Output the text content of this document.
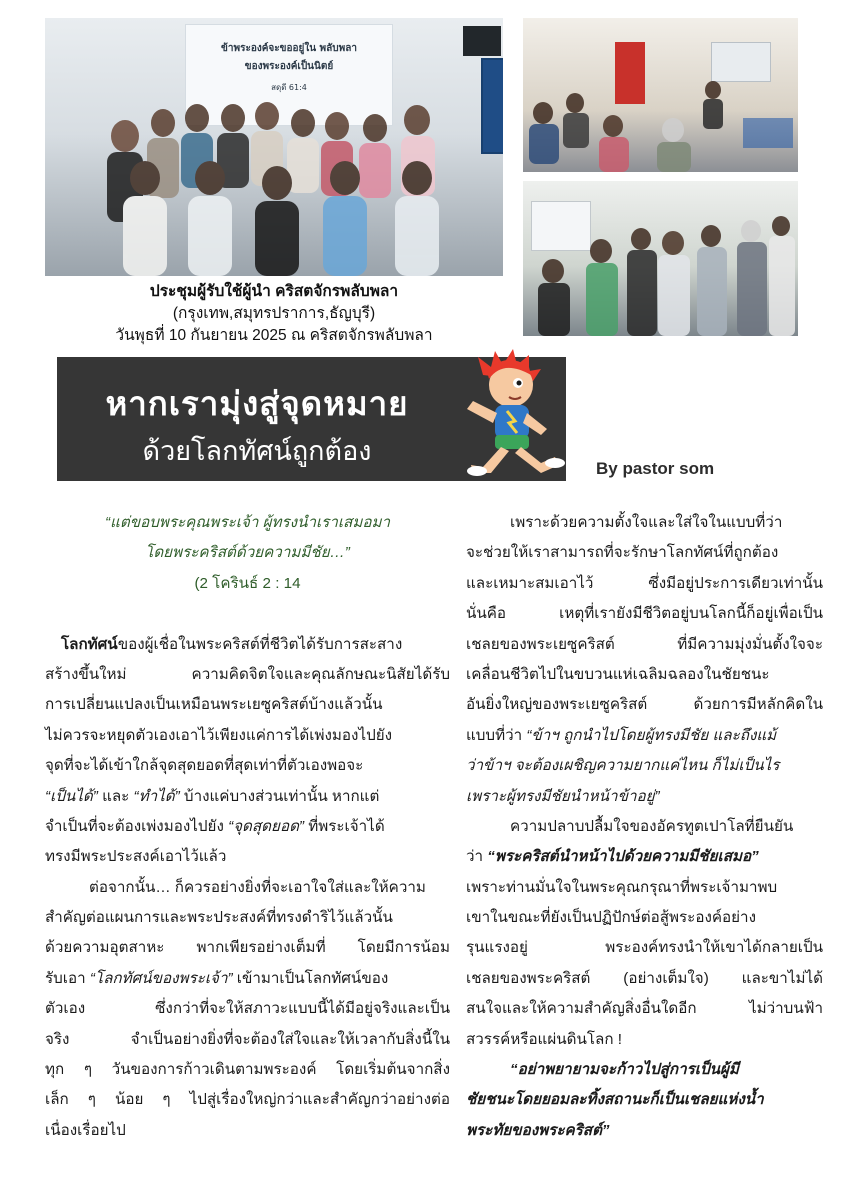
ข้าพระองค์จะขออยู่ใน พลับพลา
ของพระองค์เป็นนิตย์
สดุดี 61:4
ประชุมผู้รับใช้ผู้นำ คริสตจักรพลับพลา
(กรุงเทพ,สมุทรปราการ,ธัญบุรี)
วันพุธที่ 10 กันยายน 2025 ณ คริสตจักรพลับพลา
หากเรามุ่งสู่จุดหมาย
ด้วยโลกทัศน์ถูกต้อง
By pastor som
“แต่ขอบพระคุณพระเจ้า ผู้ทรงนำเราเสมอมา
โดยพระคริสต์ด้วยความมีชัย…”
(2 โครินธ์ 2 : 14
โลกทัศน์ของผู้เชื่อในพระคริสต์ที่ชีวิตได้รับการสะสาง
สร้างขึ้นใหม่ ความคิดจิตใจและคุณลักษณะนิสัยได้รับ
การเปลี่ยนแปลงเป็นเหมือนพระเยซูคริสต์บ้างแล้วนั้น
ไม่ควรจะหยุดตัวเองเอาไว้เพียงแค่การได้เพ่งมองไปยัง
จุดที่จะได้เข้าใกล้จุดสุดยอดที่สุดเท่าที่ตัวเองพอจะ
“เป็นได้” และ “ทำได้” บ้างแค่บางส่วนเท่านั้น หากแต่
จำเป็นที่จะต้องเพ่งมองไปยัง “จุดสุดยอด” ที่พระเจ้าได้
ทรงมีพระประสงค์เอาไว้แล้ว
ต่อจากนั้น… ก็ควรอย่างยิ่งที่จะเอาใจใส่และให้ความ
สำคัญต่อแผนการและพระประสงค์ที่ทรงดำริไว้แล้วนั้น
ด้วยความอุตสาหะ พากเพียรอย่างเต็มที่ โดยมีการน้อม
รับเอา “โลกทัศน์ของพระเจ้า” เข้ามาเป็นโลกทัศน์ของ
ตัวเอง ซึ่งกว่าที่จะให้สภาวะแบบนี้ได้มีอยู่จริงและเป็น
จริง จำเป็นอย่างยิ่งที่จะต้องใส่ใจและให้เวลากับสิ่งนี้ใน
ทุก ๆ วันของการก้าวเดินตามพระองค์ โดยเริ่มต้นจากสิ่ง
เล็ก ๆ น้อย ๆ ไปสู่เรื่องใหญ่กว่าและสำคัญกว่าอย่างต่อ
เนื่องเรื่อยไป
เพราะด้วยความตั้งใจและใส่ใจในแบบที่ว่า
จะช่วยให้เราสามารถที่จะรักษาโลกทัศน์ที่ถูกต้อง
และเหมาะสมเอาไว้ ซึ่งมีอยู่ประการเดียวเท่านั้น
นั่นคือ เหตุที่เรายังมีชีวิตอยู่บนโลกนี้ก็อยู่เพื่อเป็น
เชลยของพระเยซูคริสต์ ที่มีความมุ่งมั่นตั้งใจจะ
เคลื่อนชีวิตไปในขบวนแห่เฉลิมฉลองในชัยชนะ
อันยิ่งใหญ่ของพระเยซูคริสต์ ด้วยการมีหลักคิดใน
แบบที่ว่า “ข้าฯ ถูกนำไปโดยผู้ทรงมีชัย และถึงแม้
ว่าข้าฯ จะต้องเผชิญความยากแค่ไหน ก็ไม่เป็นไร
เพราะผู้ทรงมีชัยนำหน้าข้าอยู่”
ความปลาบปลื้มใจของอัครทูตเปาโลที่ยืนยัน
ว่า “พระคริสต์นำหน้าไปด้วยความมีชัยเสมอ”
เพราะท่านมั่นใจในพระคุณกรุณาที่พระเจ้ามาพบ
เขาในขณะที่ยังเป็นปฏิปักษ์ต่อสู้พระองค์อย่าง
รุนแรงอยู่ พระองค์ทรงนำให้เขาได้กลายเป็น
เชลยของพระคริสต์ (อย่างเต็มใจ) และขาไม่ได้
สนใจและให้ความสำคัญสิ่งอื่นใดอีก ไม่ว่าบนฟ้า
สวรรค์หรือแผ่นดินโลก !
“อย่าพยายามจะก้าวไปสู่การเป็นผู้มี
ชัยชนะโดยยอมละทิ้งสถานะก็เป็นเชลยแห่งน้ำ
พระทัยของพระคริสต์”
